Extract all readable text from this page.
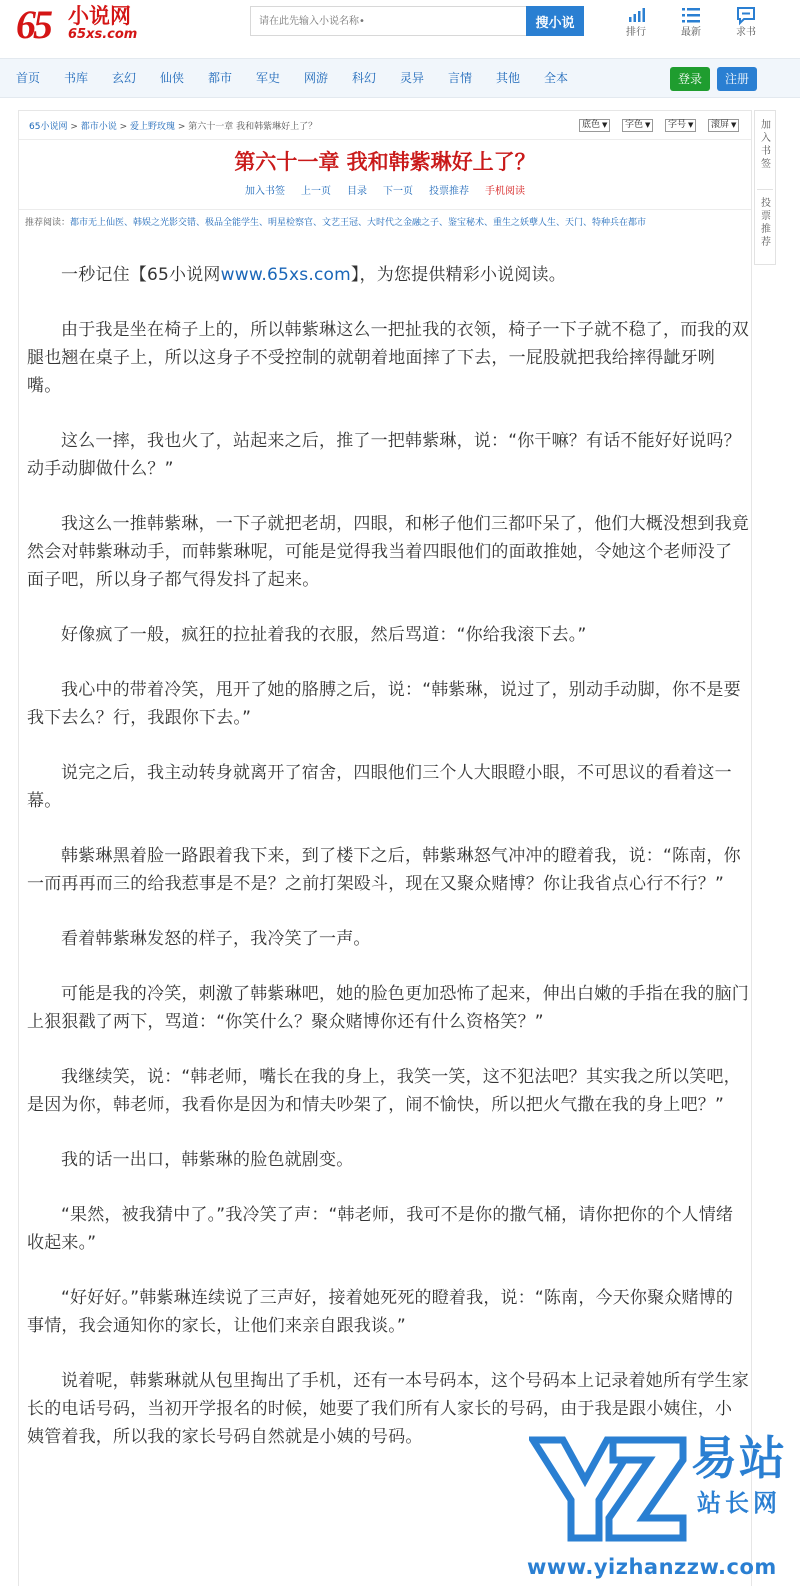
65 小说网
65xs.com
请在此先输入小说名称•
搜小说
排行	最新	求书
首页 书库 玄幻 仙侠 都市 军史 网游 科幻 灵异 言情 其他 全本	登录	注册
65小说网 > 都市小说 > 爱上野玫瑰 > 第六十一章 我和韩紫琳好上了？	底色 ▼	字色 ▼	字号 ▼	滚屏 ▼
第六十一章 我和韩紫琳好上了？
加入书签 上一页 目录 下一页 投票推荐 手机阅读
推荐阅读：都市无上仙医、韩娱之光影交错、极品全能学生、明星检察官、文艺王冠、大时代之金融之子、鉴宝秘术、重生之妖孽人生、天门、特种兵在都市

一秒记住【65小说网www.65xs.com】，为您提供精彩小说阅读。

由于我是坐在椅子上的，所以韩紫琳这么一把扯我的衣领，椅子一下子就不稳了，而我的双腿也翘在桌子上，所以这身子不受控制的就朝着地面摔了下去，一屁股就把我给摔得龇牙咧嘴。

这么一摔，我也火了，站起来之后，推了一把韩紫琳，说：“你干嘛？有话不能好好说吗？动手动脚做什么？”

我这么一推韩紫琳，一下子就把老胡，四眼，和彬子他们三都吓呆了，他们大概没想到我竟然会对韩紫琳动手，而韩紫琳呢，可能是觉得我当着四眼他们的面敢推她，令她这个老师没了面子吧，所以身子都气得发抖了起来。

好像疯了一般，疯狂的拉扯着我的衣服，然后骂道：“你给我滚下去。”

我心中的带着冷笑，甩开了她的胳膊之后，说：“韩紫琳，说过了，别动手动脚，你不是要我下去么？行，我跟你下去。”

说完之后，我主动转身就离开了宿舍，四眼他们三个人大眼瞪小眼，不可思议的看着这一幕。

韩紫琳黑着脸一路跟着我下来，到了楼下之后，韩紫琳怒气冲冲的瞪着我，说：“陈南，你一而再再而三的给我惹事是不是？之前打架殴斗，现在又聚众赌博？你让我省点心行不行？”

看着韩紫琳发怒的样子，我冷笑了一声。

可能是我的冷笑，刺激了韩紫琳吧，她的脸色更加恐怖了起来，伸出白嫩的手指在我的脑门上狠狠戳了两下，骂道：“你笑什么？聚众赌博你还有什么资格笑？”

我继续笑，说：“韩老师，嘴长在我的身上，我笑一笑，这不犯法吧？其实我之所以笑吧，是因为你，韩老师，我看你是因为和情夫吵架了，闹不愉快，所以把火气撒在我的身上吧？”

我的话一出口，韩紫琳的脸色就剧变。

“果然，被我猜中了。”我冷笑了声：“韩老师，我可不是你的撒气桶，请你把你的个人情绪收起来。”

“好好好。”韩紫琳连续说了三声好，接着她死死的瞪着我，说：“陈南，今天你聚众赌博的事情，我会通知你的家长，让他们来亲自跟我谈。”

说着呢，韩紫琳就从包里掏出了手机，还有一本号码本，这个号码本上记录着她所有学生家长的电话号码，当初开学报名的时候，她要了我们所有人家长的号码，由于我是跟小姨住，小姨管着我，所以我的家长号码自然就是小姨的号码。

加入书签
投票推荐
易站
站长网
www.yizhanzzw.com
